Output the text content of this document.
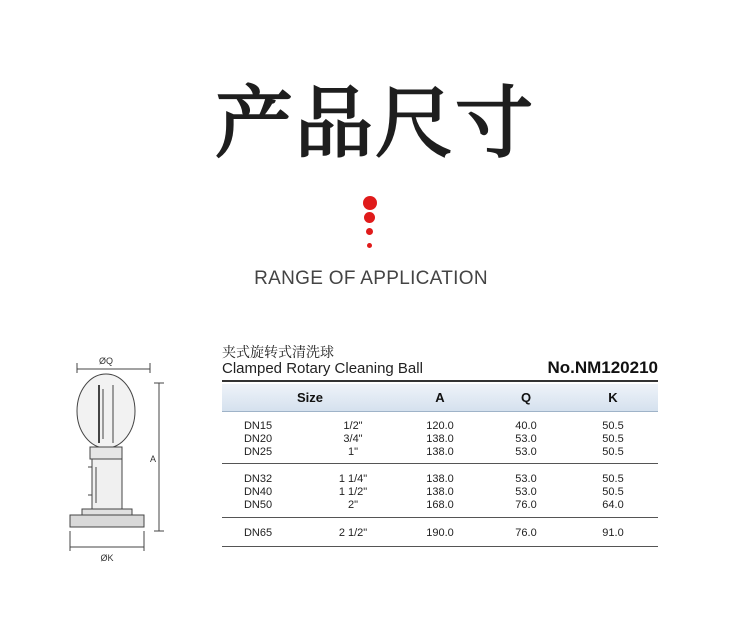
产品尺寸
RANGE OF APPLICATION
ØQ
A
ØK
夹式旋转式清洗球
Clamped Rotary Cleaning Ball	No.NM120210
Size	A	Q	K
DN15	1/2"	120.0	40.0	50.5
DN20	3/4"	138.0	53.0	50.5
DN25	1"	138.0	53.0	50.5
DN32	1 1/4"	138.0	53.0	50.5
DN40	1 1/2"	138.0	53.0	50.5
DN50	2"	168.0	76.0	64.0
DN65	2 1/2"	190.0	76.0	91.0
